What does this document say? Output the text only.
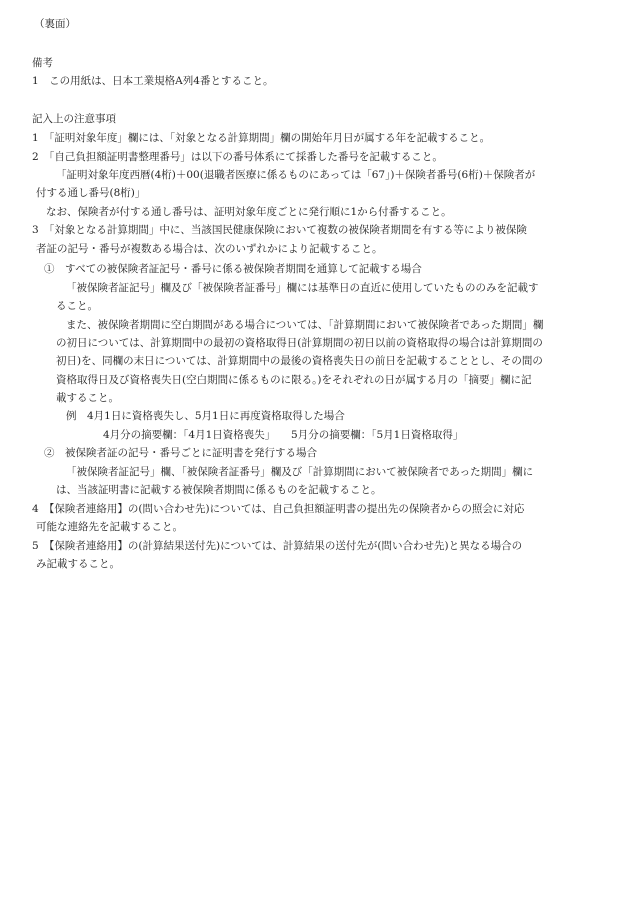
（裏面）
備考
1　この用紙は、日本工業規格A列4番とすること。
記入上の注意事項
1　「証明対象年度」欄には、「対象となる計算期間」欄の開始年月日が属する年を記載すること。
2　「自己負担額証明書整理番号」は以下の番号体系にて採番した番号を記載すること。
「証明対象年度西暦(4桁)＋00(退職者医療に係るものにあっては「67」)＋保険者番号(6桁)＋保険者が
付する通し番号(8桁)」
なお、保険者が付する通し番号は、証明対象年度ごとに発行順に1から付番すること。
3　「対象となる計算期間」中に、当該国民健康保険において複数の被保険者期間を有する等により被保険
者証の記号・番号が複数ある場合は、次のいずれかにより記載すること。
①　すべての被保険者証記号・番号に係る被保険者期間を通算して記載する場合
「被保険者証記号」欄及び「被保険者証番号」欄には基準日の直近に使用していたもののみを記載す
ること。
また、被保険者期間に空白期間がある場合については、「計算期間において被保険者であった期間」欄
の初日については、計算期間中の最初の資格取得日(計算期間の初日以前の資格取得の場合は計算期間の
初日)を、同欄の末日については、計算期間中の最後の資格喪失日の前日を記載することとし、その間の
資格取得日及び資格喪失日(空白期間に係るものに限る。)をそれぞれの日が属する月の「摘要」欄に記
載すること。
例　4月1日に資格喪失し、5月1日に再度資格取得した場合
4月分の摘要欄：「4月1日資格喪失」　　5月分の摘要欄：「5月1日資格取得」
②　被保険者証の記号・番号ごとに証明書を発行する場合
「被保険者証記号」欄、「被保険者証番号」欄及び「計算期間において被保険者であった期間」欄に
は、当該証明書に記載する被保険者期間に係るものを記載すること。
4　【保険者連絡用】の(問い合わせ先)については、自己負担額証明書の提出先の保険者からの照会に対応
可能な連絡先を記載すること。
5　【保険者連絡用】の(計算結果送付先)については、計算結果の送付先が(問い合わせ先)と異なる場合の
み記載すること。
